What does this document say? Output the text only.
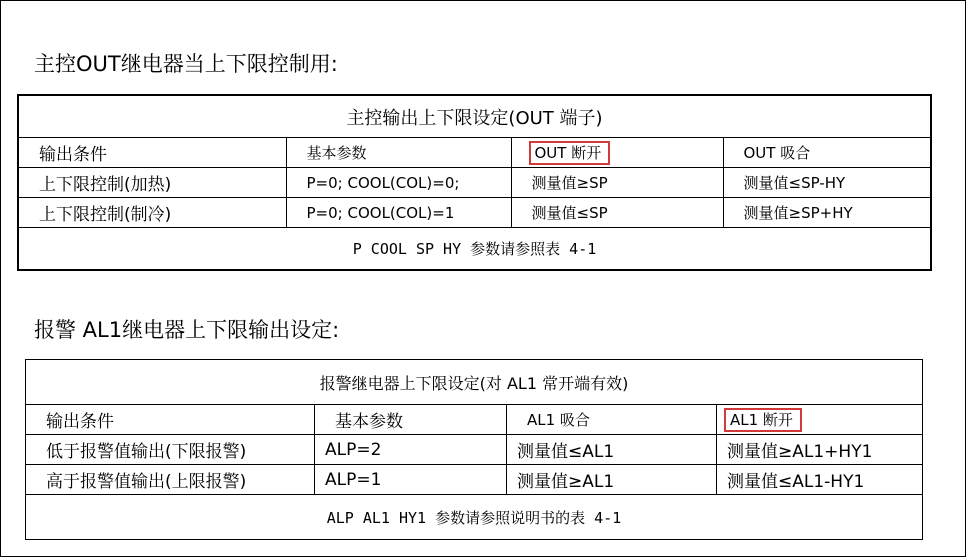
主控OUT继电器当上下限控制用:
主控输出上下限设定(OUT 端子)			
输出条件	基本参数	OUT 断开	OUT 吸合
上下限控制(加热)	P=0; COOL(COL)=0;	测量值≥SP	测量值≤SP-HY
上下限控制(制冷)	P=0; COOL(COL)=1	测量值≤SP	测量值≥SP+HY
P COOL SP HY 参数请参照表 4-1			
报警 AL1继电器上下限输出设定:
报警继电器上下限设定(对 AL1 常开端有效)			
输出条件	基本参数	AL1 吸合	AL1 断开
低于报警值输出(下限报警)	ALP=2	测量值≤AL1	测量值≥AL1+HY1
高于报警值输出(上限报警)	ALP=1	测量值≥AL1	测量值≤AL1-HY1
ALP AL1 HY1 参数请参照说明书的表 4-1			
